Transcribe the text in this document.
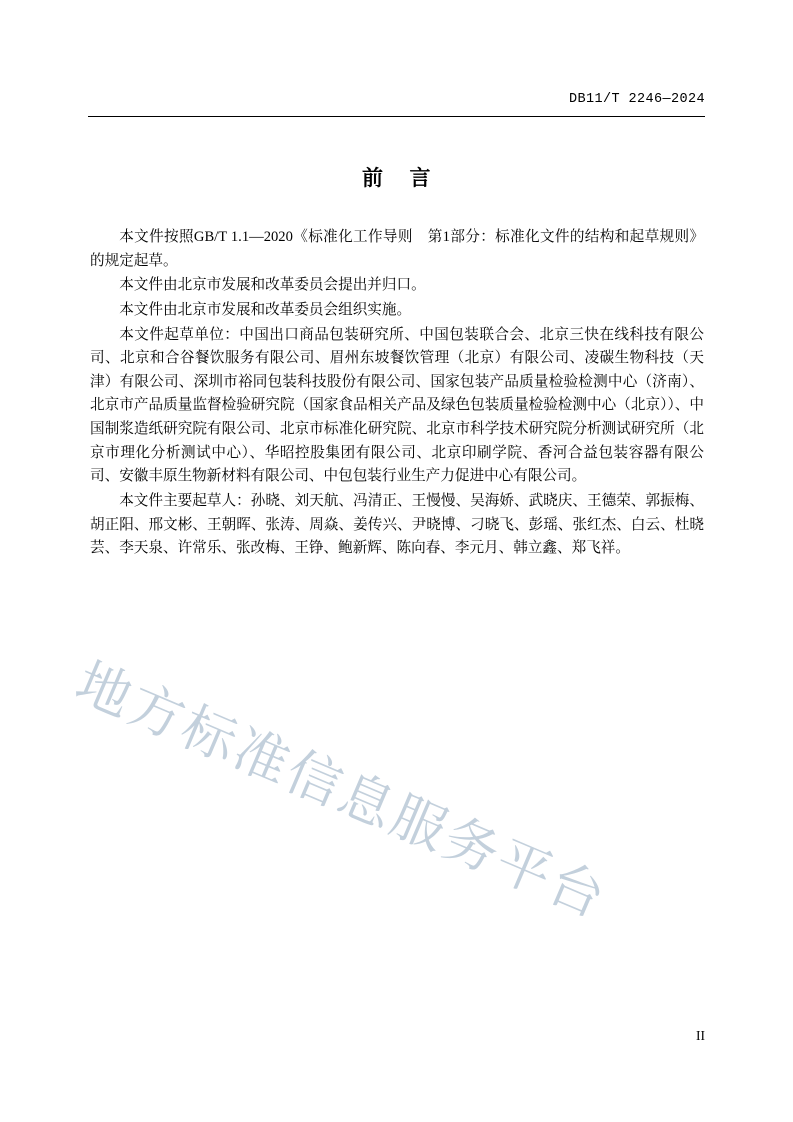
DB11/T 2246—2024
前 言

本文件按照GB/T 1.1—2020《标准化工作导则　第1部分：标准化文件的结构和起草规则》的规定起草。

本文件由北京市发展和改革委员会提出并归口。

本文件由北京市发展和改革委员会组织实施。

本文件起草单位：中国出口商品包装研究所、中国包装联合会、北京三快在线科技有限公司、北京和合谷餐饮服务有限公司、眉州东坡餐饮管理（北京）有限公司、凌碳生物科技（天津）有限公司、深圳市裕同包装科技股份有限公司、国家包装产品质量检验检测中心（济南）、北京市产品质量监督检验研究院（国家食品相关产品及绿色包装质量检验检测中心（北京））、中国制浆造纸研究院有限公司、北京市标准化研究院、北京市科学技术研究院分析测试研究所（北京市理化分析测试中心）、华昭控股集团有限公司、北京印刷学院、香河合益包装容器有限公司、安徽丰原生物新材料有限公司、中包包装行业生产力促进中心有限公司。

本文件主要起草人：孙晓、刘天航、冯清正、王慢慢、吴海娇、武晓庆、王德荣、郭振梅、胡正阳、邢文彬、王朝晖、张涛、周焱、姜传兴、尹晓博、刁晓飞、彭瑶、张红杰、白云、杜晓芸、李天泉、许常乐、张改梅、王铮、鲍新辉、陈向春、李元月、韩立鑫、郑飞祥。

地方标准信息服务平台
II
